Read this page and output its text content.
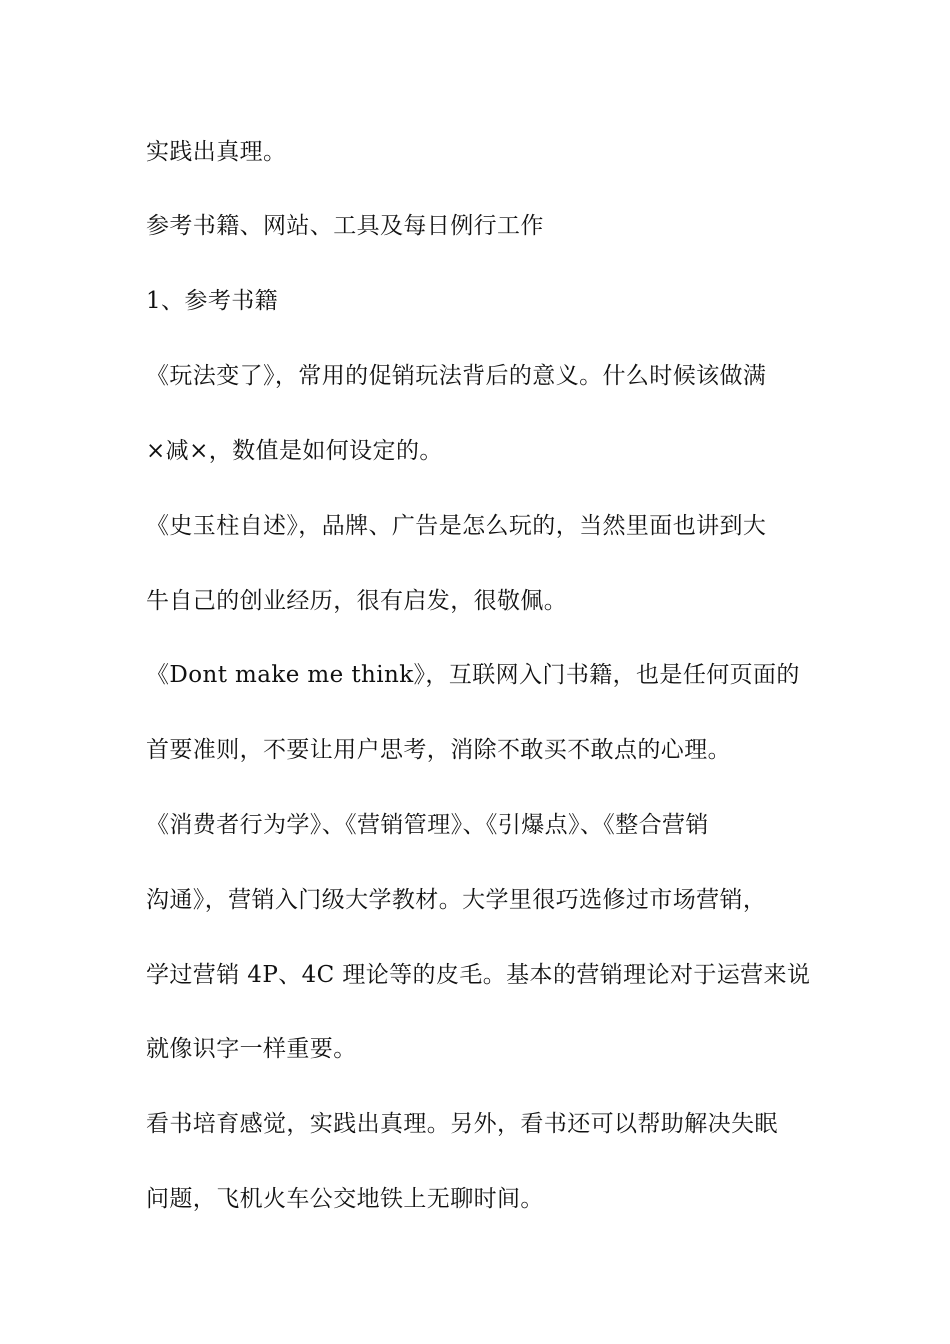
实践出真理。

参考书籍、网站、工具及每日例行工作

1、参考书籍

《玩法变了》，常用的促销玩法背后的意义。什么时候该做满

×减×，数值是如何设定的。

《史玉柱自述》，品牌、广告是怎么玩的，当然里面也讲到大

牛自己的创业经历，很有启发，很敬佩。

《Dont make me think》，互联网入门书籍，也是任何页面的

首要准则，不要让用户思考，消除不敢买不敢点的心理。

《消费者行为学》、《营销管理》、《引爆点》、《整合营销

沟通》，营销入门级大学教材。大学里很巧选修过市场营销，

学过营销 4P、4C 理论等的皮毛。基本的营销理论对于运营来说

就像识字一样重要。

看书培育感觉，实践出真理。另外，看书还可以帮助解决失眠

问题，飞机火车公交地铁上无聊时间。
